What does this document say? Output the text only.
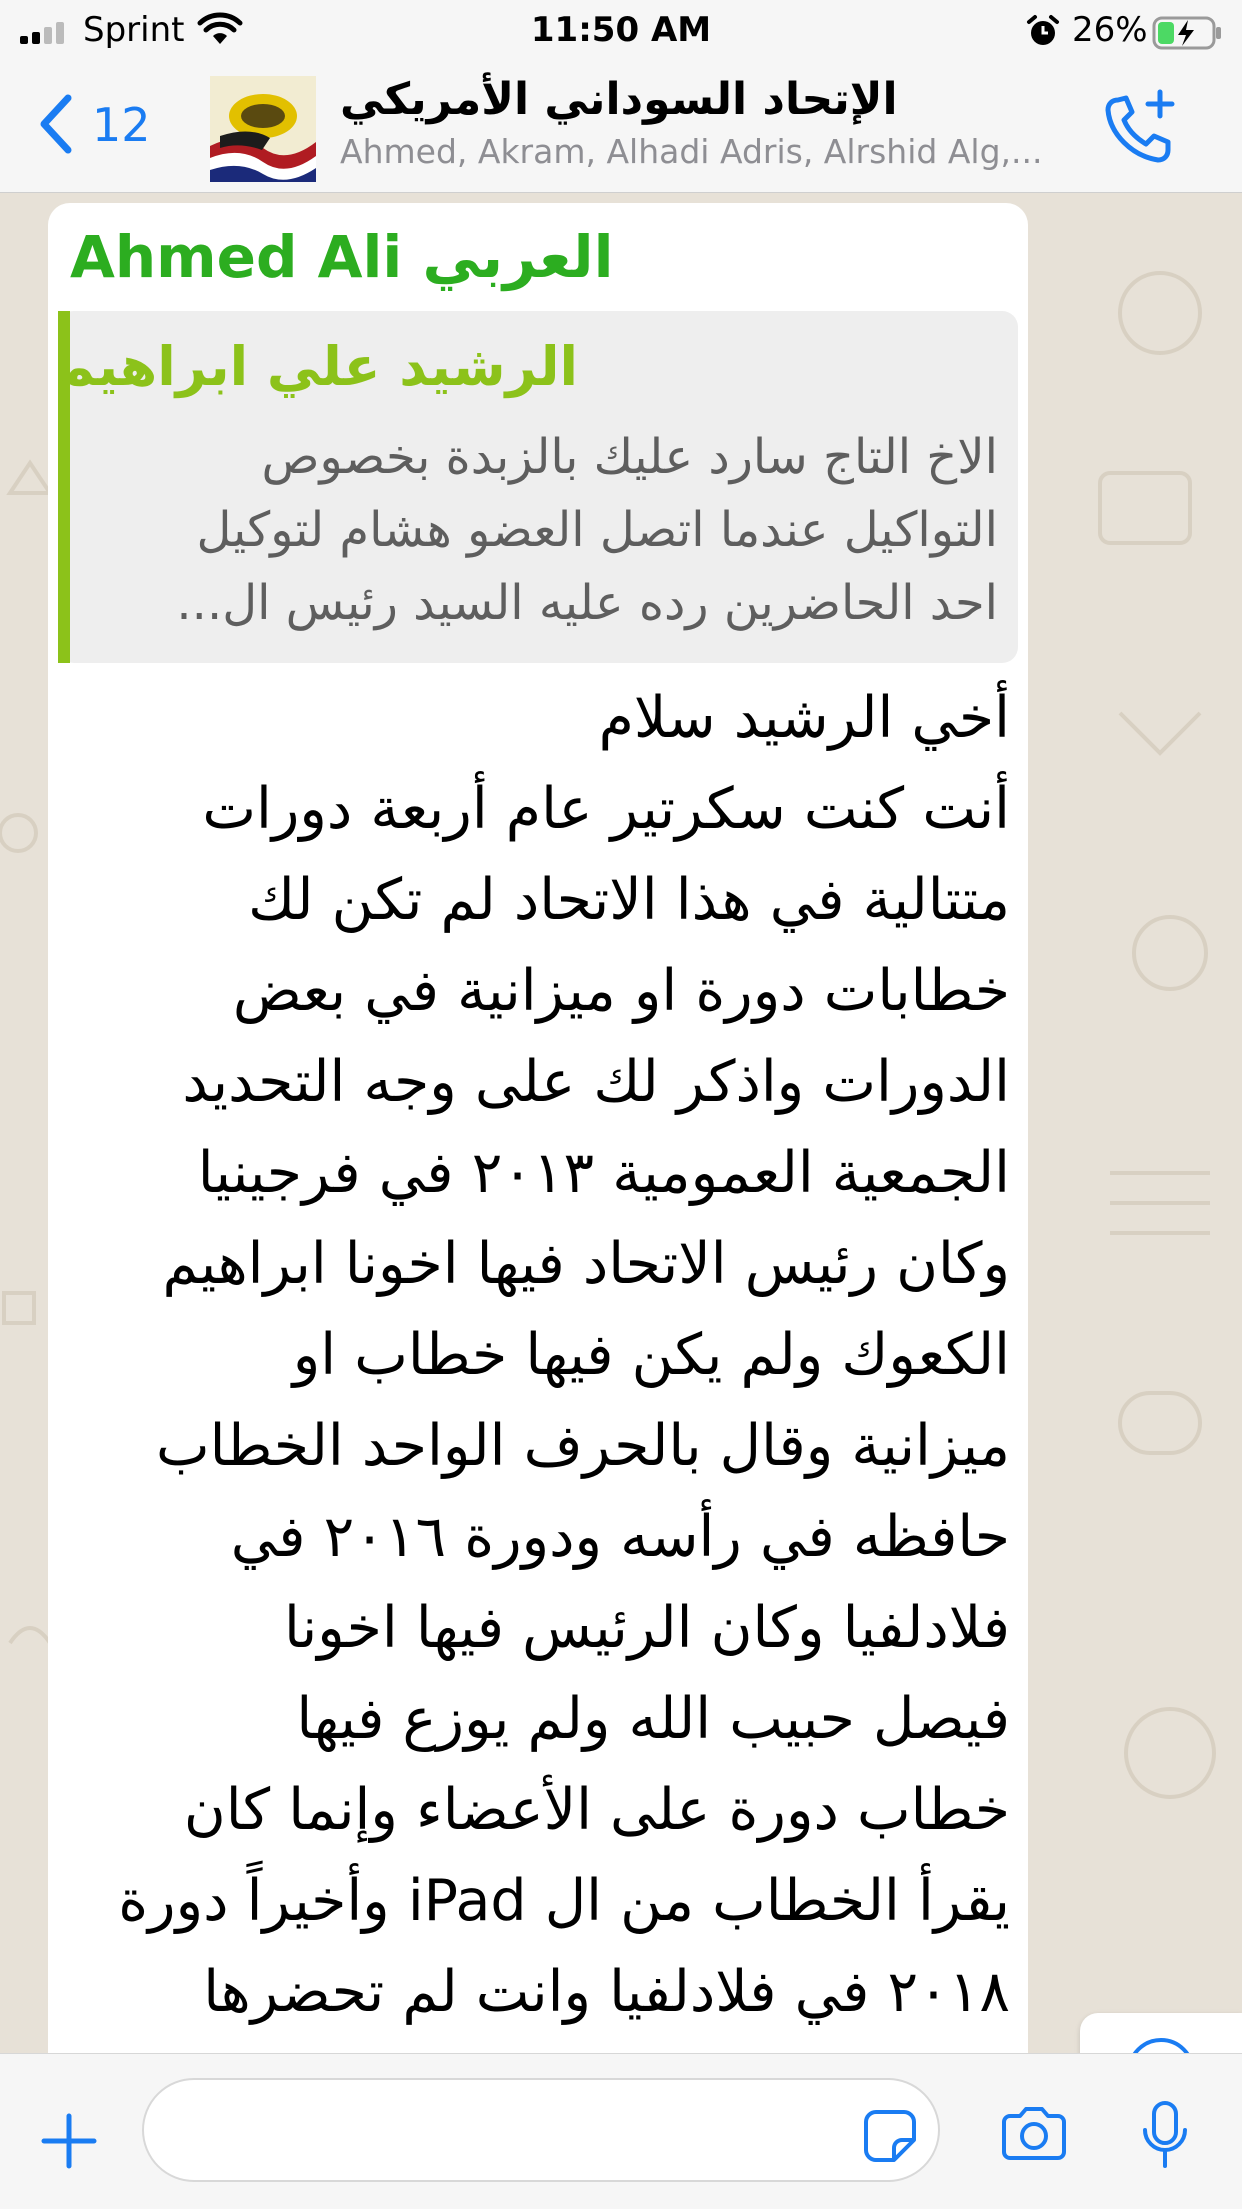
Sprint	11:50 AM	26%
12	الإتحاد السوداني الأمريكي
Ahmed, Akram, Alhadi Adris, Alrshid Alg,...
Ahmed Ali العربي
الرشيد علي ابراهيم
الاخ التاج سارد عليك بالزبدة بخصوص
التواكيل عندما اتصل العضو هشام لتوكيل
احد الحاضرين رده عليه السيد رئيس ال...
أخي الرشيد سلام
أنت كنت سكرتير عام أربعة دورات
متتالية في هذا الاتحاد لم تكن لك
خطابات دورة او ميزانية في بعض
الدورات واذكر لك على وجه التحديد
الجمعية العمومية ٢٠١٣ في فرجينيا
وكان رئيس الاتحاد فيها اخونا ابراهيم
الكعوك ولم يكن فيها خطاب او
ميزانية وقال بالحرف الواحد الخطاب
حافظه في رأسه ودورة ٢٠١٦ في
فلادلفيا وكان الرئيس فيها اخونا
فيصل حبيب الله ولم يوزع فيها
خطاب دورة على الأعضاء وإنما كان
يقرأ الخطاب من ال iPad وأخيراً دورة
٢٠١٨ في فلادلفيا وانت لم تحضرها
